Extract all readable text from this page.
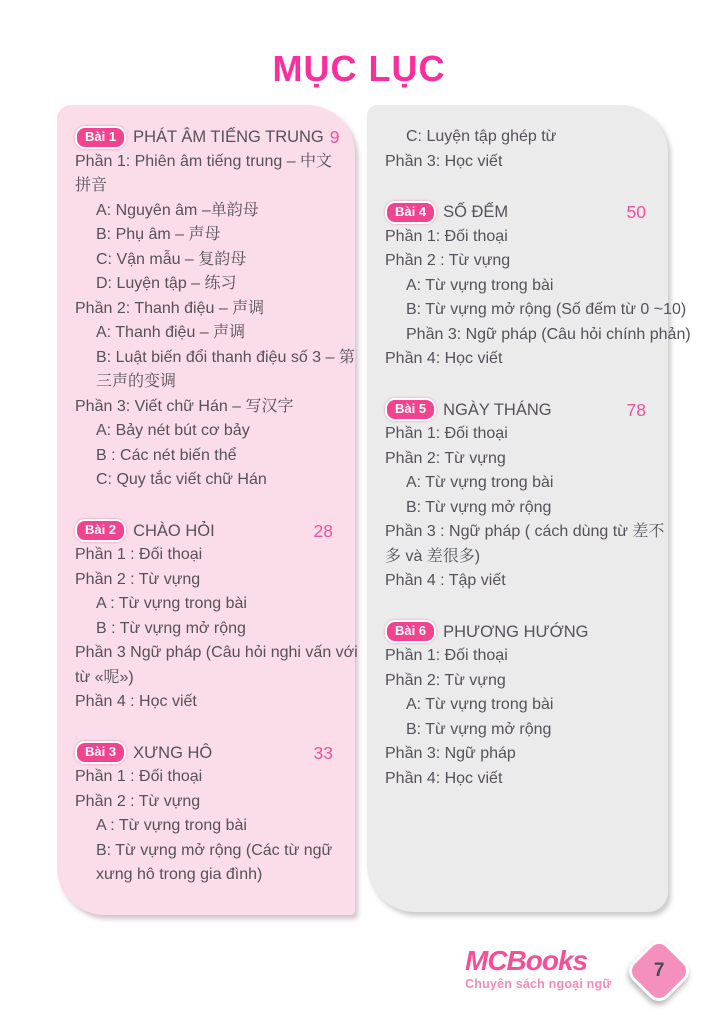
MỤC LỤC
Bài 1	PHÁT ÂM TIẾNG TRUNG 9
Phần 1: Phiên âm tiếng trung – 中文
拼音
A: Nguyên âm –单韵母
B: Phụ âm – 声母
C: Vận mẫu – 复韵母
D: Luyện tập – 练习
Phần 2: Thanh điệu – 声调
A: Thanh điệu – 声调
B: Luật biến đổi thanh điệu số 3 – 第
三声的变调
Phần 3: Viết chữ Hán – 写汉字
A: Bảy nét bút cơ bảy
B : Các nét biến thể
C: Quy tắc viết chữ Hán
Bài 2	CHÀO HỎI	28
Phần 1 : Đối thoại
Phần 2 : Từ vựng
A : Từ vựng trong bài
B : Từ vựng mở rộng
Phần 3 Ngữ pháp (Câu hỏi nghi vấn với
từ «呢»)
Phần 4 : Học viết
Bài 3	XƯNG HÔ	33
Phần 1 : Đối thoại
Phần 2 : Từ vựng
A : Từ vựng trong bài
B: Từ vựng mở rộng (Các từ ngữ
xưng hô trong gia đình)
C: Luyện tập ghép từ
Phần 3: Học viết
Bài 4	SỐ ĐẾM	50
Phần 1: Đối thoại
Phần 2 : Từ vựng
A: Từ vựng trong bài
B: Từ vựng mở rộng (Số đếm từ 0 ~10)
Phần 3: Ngữ pháp (Câu hỏi chính phản)
Phần 4: Học viết
Bài 5	NGÀY THÁNG	78
Phần 1: Đối thoại
Phần 2: Từ vựng
A: Từ vựng trong bài
B: Từ vựng mở rộng
Phần 3 : Ngữ pháp ( cách dùng từ 差不
多 và 差很多)
Phần 4 : Tập viết
Bài 6	PHƯƠNG HƯỚNG
Phần 1: Đối thoại
Phần 2: Từ vựng
A: Từ vựng trong bài
B: Từ vựng mở rộng
Phần 3: Ngữ pháp
Phần 4: Học viết
MCBooks
Chuyên sách ngoại ngữ
7
